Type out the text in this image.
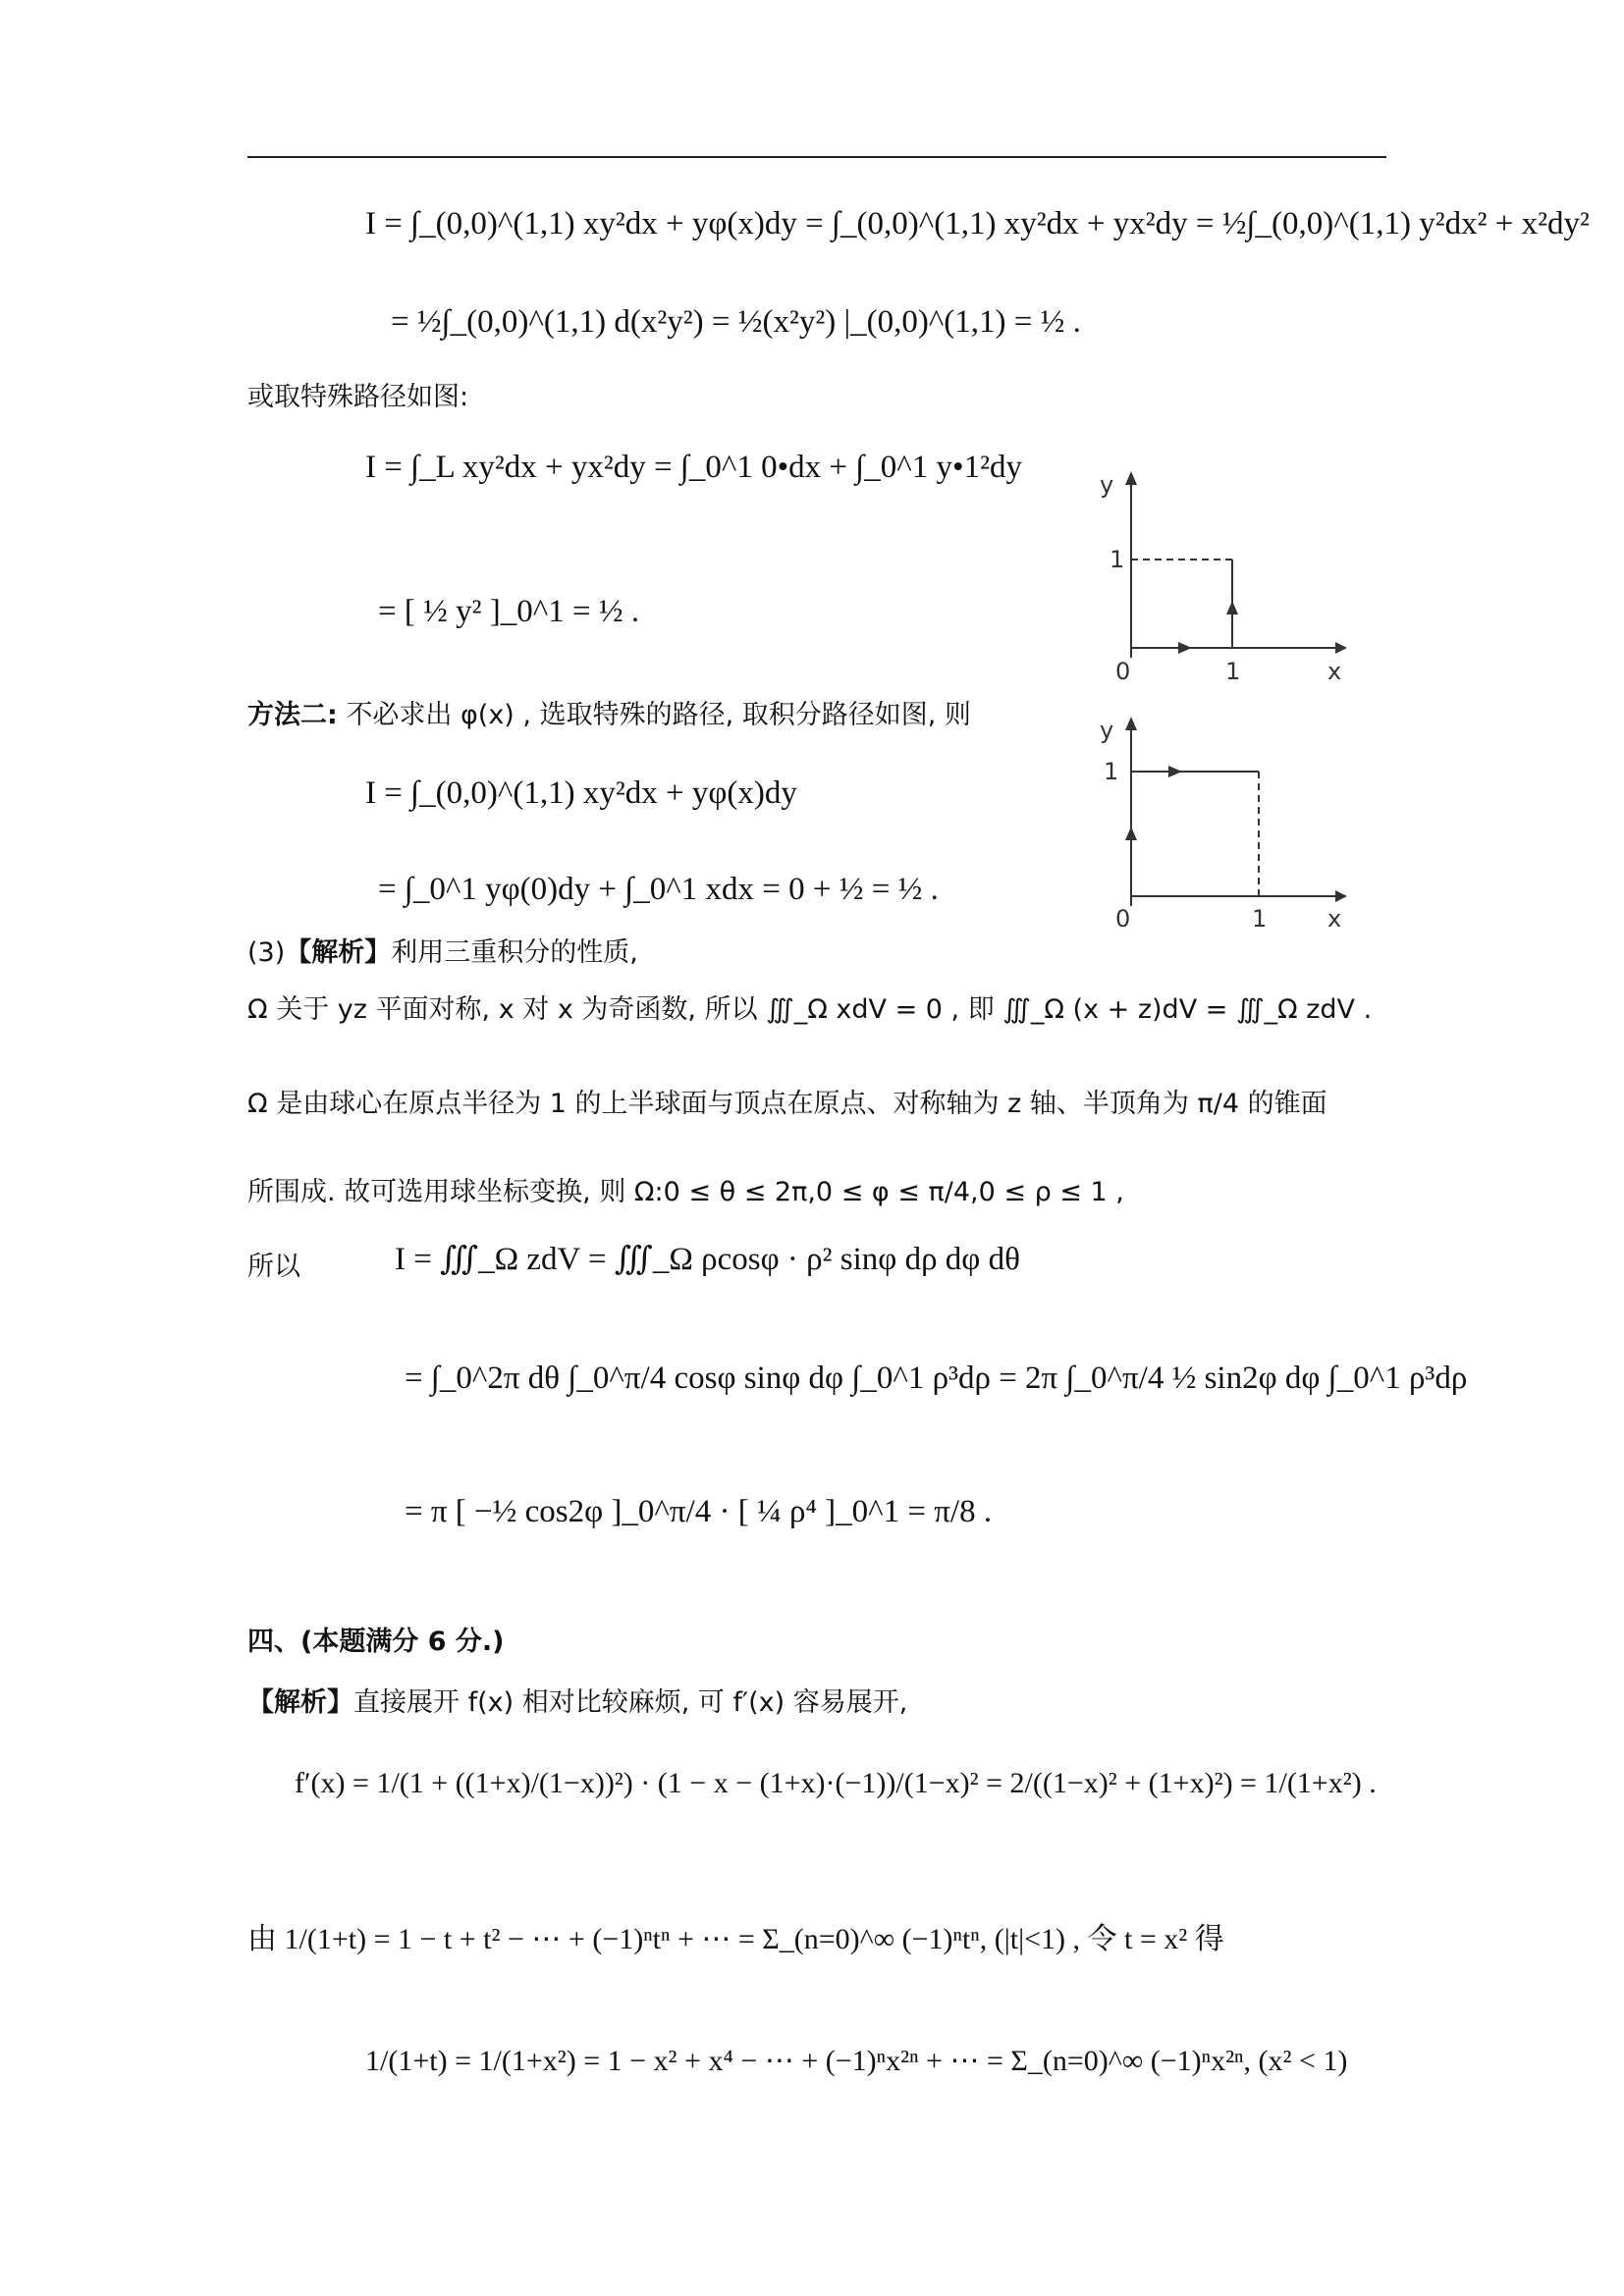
I = ∫_(0,0)^(1,1) xy²dx + yφ(x)dy = ∫_(0,0)^(1,1) xy²dx + yx²dy = ½∫_(0,0)^(1,1) y²dx² + x²dy²
= ½∫_(0,0)^(1,1) d(x²y²) = ½(x²y²) |_(0,0)^(1,1) = ½ .
或取特殊路径如图:
I = ∫_L xy²dx + yx²dy = ∫_0^1 0•dx + ∫_0^1 y•1²dy
= [ ½ y² ]_0^1 = ½ .
方法二: 不必求出 φ(x) , 选取特殊的路径, 取积分路径如图, 则
I = ∫_(0,0)^(1,1) xy²dx + yφ(x)dy
= ∫_0^1 yφ(0)dy + ∫_0^1 xdx = 0 + ½ = ½ .
(3)【解析】利用三重积分的性质,
Ω 关于 yz 平面对称, x 对 x 为奇函数, 所以 ∭_Ω xdV = 0 , 即 ∭_Ω (x + z)dV = ∭_Ω zdV .
Ω 是由球心在原点半径为 1 的上半球面与顶点在原点、对称轴为 z 轴、半顶角为 π/4 的锥面
所围成. 故可选用球坐标变换, 则 Ω:0 ≤ θ ≤ 2π,0 ≤ φ ≤ π/4,0 ≤ ρ ≤ 1 ,
所以	I = ∭_Ω zdV = ∭_Ω ρcosφ · ρ² sinφ dρ dφ dθ
= ∫_0^2π dθ ∫_0^π/4 cosφ sinφ dφ ∫_0^1 ρ³dρ = 2π ∫_0^π/4 ½ sin2φ dφ ∫_0^1 ρ³dρ
= π [ −½ cos2φ ]_0^π/4 · [ ¼ ρ⁴ ]_0^1 = π/8 .
四、(本题满分 6 分.)
【解析】直接展开 f(x) 相对比较麻烦, 可 f′(x) 容易展开,
f′(x) = 1/(1 + ((1+x)/(1−x))²) · (1 − x − (1+x)·(−1))/(1−x)² = 2/((1−x)² + (1+x)²) = 1/(1+x²) .
由 1/(1+t) = 1 − t + t² − ⋯ + (−1)ⁿtⁿ + ⋯ = Σ_(n=0)^∞ (−1)ⁿtⁿ, (|t|<1) , 令 t = x² 得
1/(1+t) = 1/(1+x²) = 1 − x² + x⁴ − ⋯ + (−1)ⁿx²ⁿ + ⋯ = Σ_(n=0)^∞ (−1)ⁿx²ⁿ, (x² < 1)
y
x
0	1
1
y
x
0	1
1
